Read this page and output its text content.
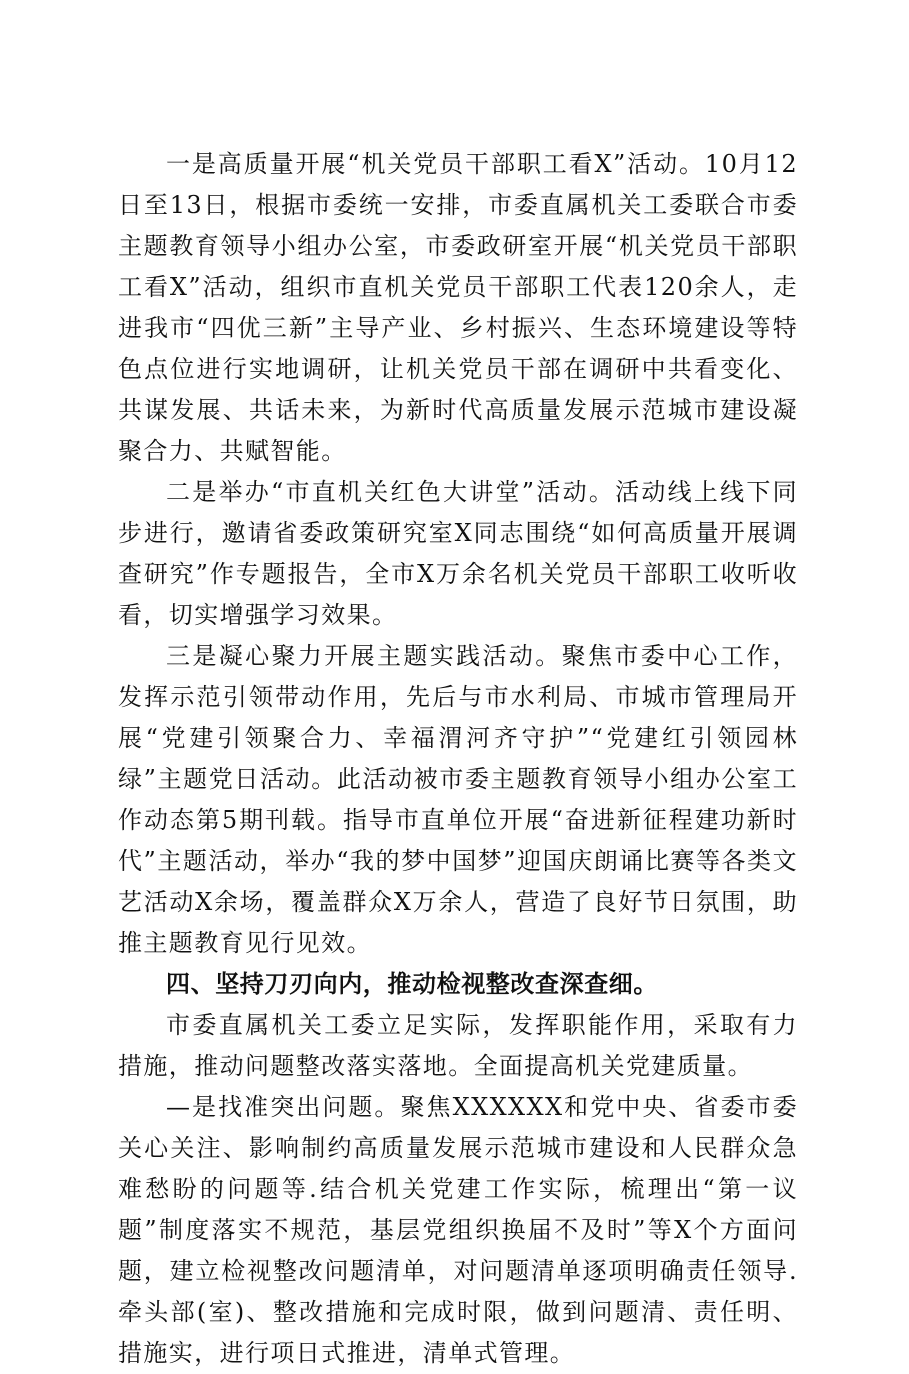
一是高质量开展“机关党员干部职工看X”活动。10月12日至13日，根据市委统一安排，市委直属机关工委联合市委主题教育领导小组办公室，市委政研室开展“机关党员干部职工看X”活动，组织市直机关党员干部职工代表120余人，走进我市“四优三新”主导产业、乡村振兴、生态环境建设等特色点位进行实地调研，让机关党员干部在调研中共看变化、共谋发展、共话未来，为新时代高质量发展示范城市建设凝聚合力、共赋智能。

二是举办“市直机关红色大讲堂”活动。活动线上线下同步进行，邀请省委政策研究室X同志围绕“如何高质量开展调查研究”作专题报告，全市X万余名机关党员干部职工收听收看，切实增强学习效果。

三是凝心聚力开展主题实践活动。聚焦市委中心工作，发挥示范引领带动作用，先后与市水利局、市城市管理局开展“党建引领聚合力、幸福渭河齐守护”“党建红引领园林绿”主题党日活动。此活动被市委主题教育领导小组办公室工作动态第5期刊载。指导市直单位开展“奋进新征程建功新时代”主题活动，举办“我的梦中国梦”迎国庆朗诵比赛等各类文艺活动X余场，覆盖群众X万余人，营造了良好节日氛围，助推主题教育见行见效。

四、坚持刀刃向内，推动检视整改查深查细。

市委直属机关工委立足实际，发挥职能作用，采取有力措施，推动问题整改落实落地。全面提高机关党建质量。

—是找准突出问题。聚焦XXXXXX和党中央、省委市委关心关注、影响制约高质量发展示范城市建设和人民群众急难愁盼的问题等.结合机关党建工作实际，梳理出“第一议题”制度落实不规范，基层党组织换届不及时”等X个方面问题，建立检视整改问题清单，对问题清单逐项明确责任领导.牵头部(室)、整改措施和完成时限，做到问题清、责任明、措施实，进行项日式推进，清单式管理。
